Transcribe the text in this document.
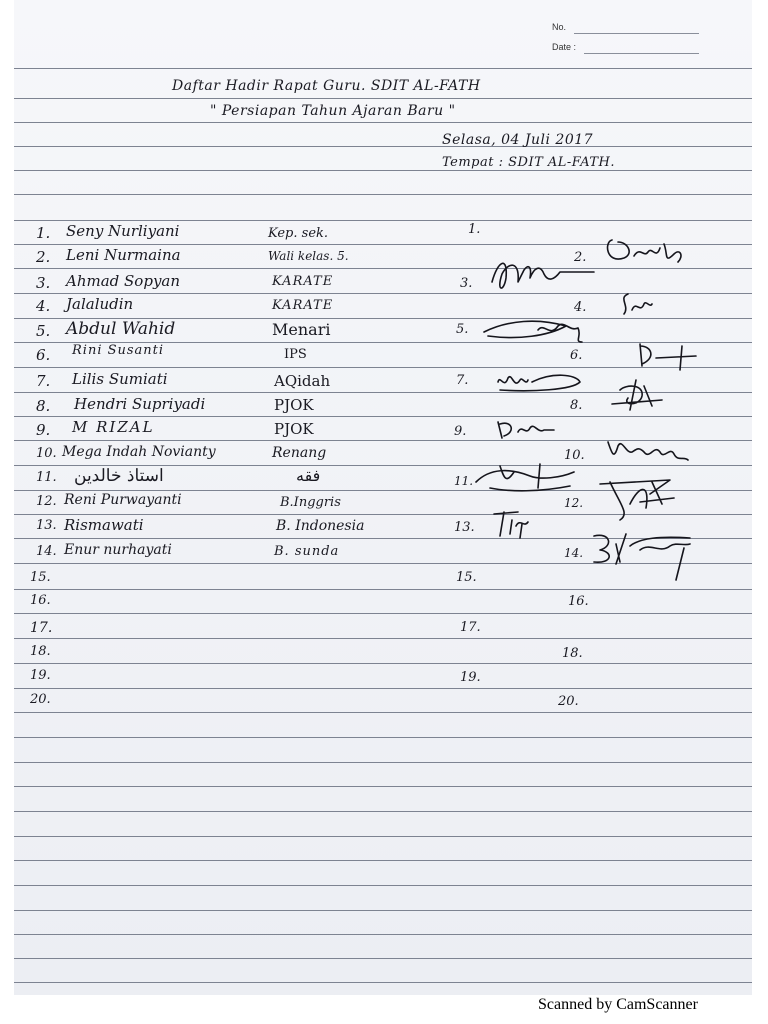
No.
Date :
Daftar Hadir Rapat Guru. SDIT AL-FATH
" Persiapan Tahun Ajaran Baru "
Selasa, 04 Juli 2017
Tempat : SDIT AL-FATH.
1. Seny Nurliyani	Kep. sek.	1.
2. Leni Nurmaina	Wali kelas. 5.	2.
3. Ahmad Sopyan	KARATE	3.
4. Jalaludin	KARATE	4.
5. Abdul Wahid	Menari	5.
6. Rini Susanti	IPS	6.
7. Lilis Sumiati	AQidah	7.
8. Hendri Supriyadi	PJOK	8.
9. M RIZAL	PJOK	9.
10. Mega Indah Novianty	Renang	10.
11. استاذ خالدين	فقه	11.
12. Reni Purwayanti	B.Inggris	12.
13. Rismawati	B. Indonesia	13.
14. Enur nurhayati	B. sunda	14.
15.	15.
16.	16.
17.	17.
18.	18.
19.	19.
20.	20.
Scanned by CamScanner
